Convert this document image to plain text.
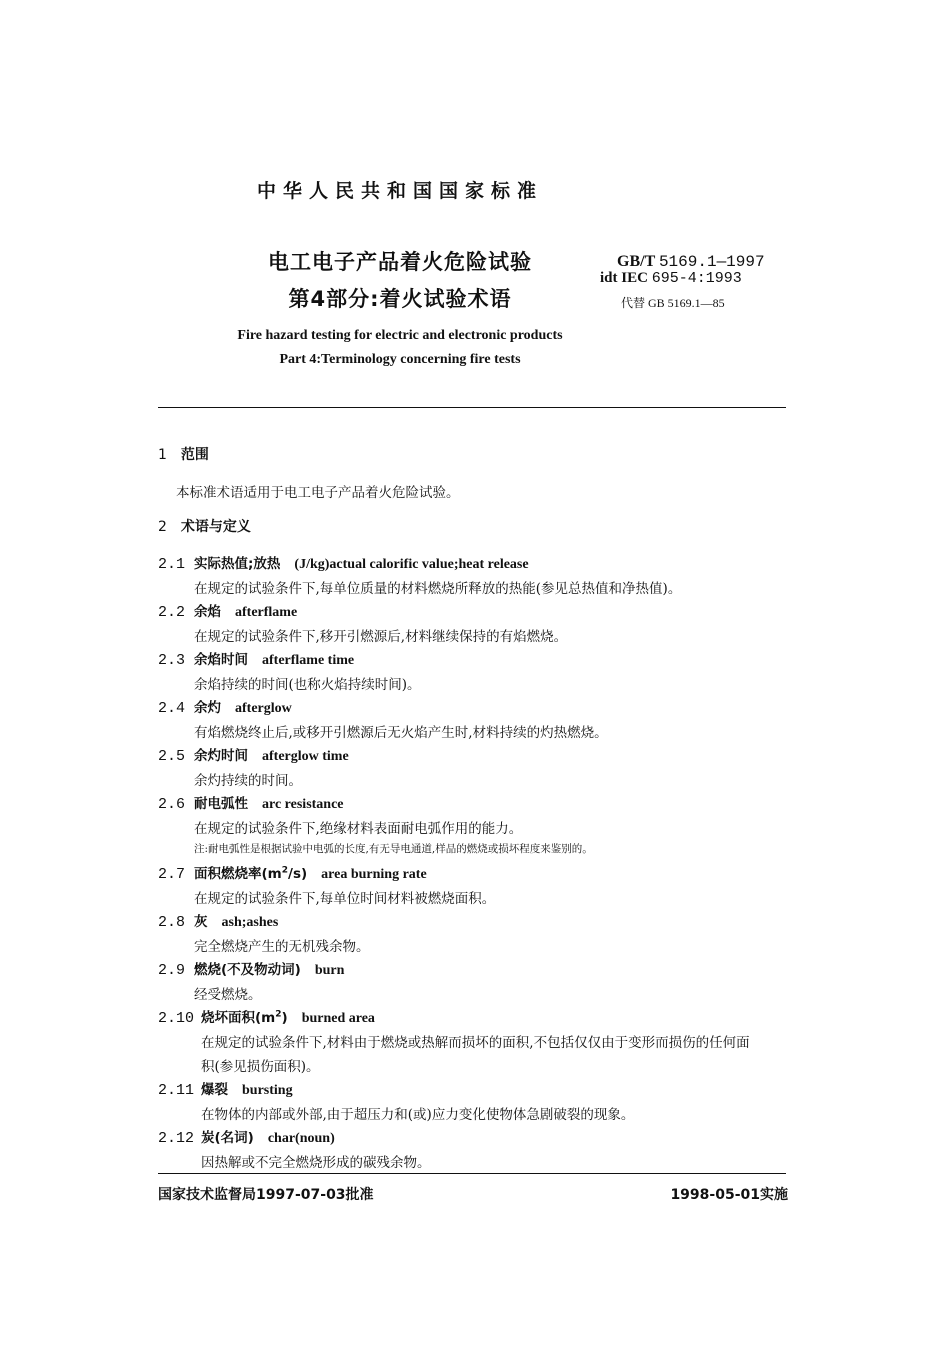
中华人民共和国国家标准
电工电子产品着火危险试验
第4部分:着火试验术语
GB/T 5169.1—1997
idt IEC 695-4:1993
代替 GB 5169.1—85
Fire hazard testing for electric and electronic products
Part 4:Terminology concerning fire tests
1 范围
本标准术语适用于电工电子产品着火危险试验。
2 术语与定义
2.1 实际热值;放热 (J/kg)actual calorific value;heat release
在规定的试验条件下,每单位质量的材料燃烧所释放的热能(参见总热值和净热值)。
2.2 余焰 afterflame
在规定的试验条件下,移开引燃源后,材料继续保持的有焰燃烧。
2.3 余焰时间 afterflame time
余焰持续的时间(也称火焰持续时间)。
2.4 余灼 afterglow
有焰燃烧终止后,或移开引燃源后无火焰产生时,材料持续的灼热燃烧。
2.5 余灼时间 afterglow time
余灼持续的时间。
2.6 耐电弧性 arc resistance
在规定的试验条件下,绝缘材料表面耐电弧作用的能力。
注:耐电弧性是根据试验中电弧的长度,有无导电通道,样品的燃烧或损坏程度来鉴别的。
2.7 面积燃烧率$(m^2/s)$ area burning rate
在规定的试验条件下,每单位时间材料被燃烧面积。
2.8 灰 ash;ashes
完全燃烧产生的无机残余物。
2.9 燃烧(不及物动词) burn
经受燃烧。
2.10 烧坏面积$(m^2)$ burned area
在规定的试验条件下,材料由于燃烧或热解而损坏的面积,不包括仅仅由于变形而损伤的任何面
积(参见损伤面积)。
2.11 爆裂 bursting
在物体的内部或外部,由于超压力和(或)应力变化使物体急剧破裂的现象。
2.12 炭(名词) char(noun)
因热解或不完全燃烧形成的碳残余物。
国家技术监督局1997-07-03批准	1998-05-01实施
